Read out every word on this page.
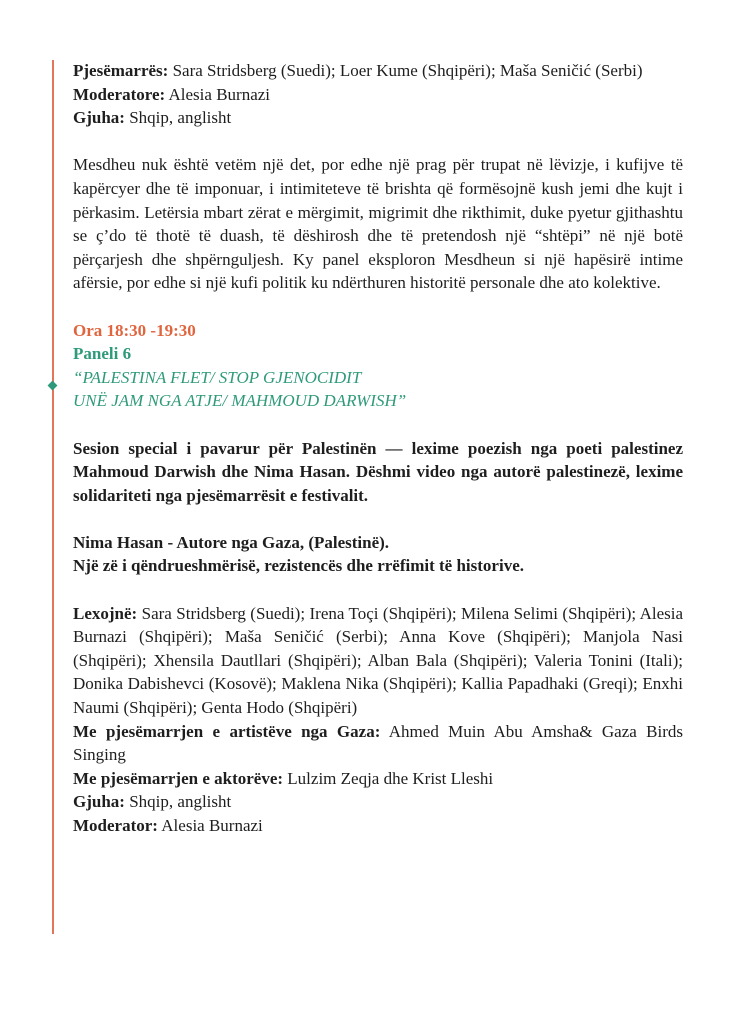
Pjesëmarrës: Sara Stridsberg (Suedi); Loer Kume (Shqipëri); Maša Seničić (Serbi)

Moderatore: Alesia Burnazi

Gjuha: Shqip, anglisht

Mesdheu nuk është vetëm një det, por edhe një prag për trupat në lëvizje, i kufijve të kapërcyer dhe të imponuar, i intimiteteve të brishta që formësojnë kush jemi dhe kujt i përkasim. Letërsia mbart zërat e mërgimit, migrimit dhe rikthimit, duke pyetur gjithashtu se ç’do të thotë të duash, të dëshirosh dhe të pretendosh një “shtëpi” në një botë përçarjesh dhe shpërnguljesh. Ky panel eksploron Mesdheun si një hapësirë intime afërsie, por edhe si një kufi politik ku ndërthuren historitë personale dhe ato kolektive.

Ora 18:30 -19:30

Paneli 6

“PALESTINA FLET/ STOP GJENOCIDIT

UNË JAM NGA ATJE/ MAHMOUD DARWISH”

Sesion special i pavarur për Palestinën — lexime poezish nga poeti palestinez Mahmoud Darwish dhe Nima Hasan. Dëshmi video nga autorë palestinezë, lexime solidariteti nga pjesëmarrësit e festivalit.

Nima Hasan - Autore nga Gaza, (Palestinë).

Një zë i qëndrueshmërisë, rezistencës dhe rrëfimit të historive.

Lexojnë: Sara Stridsberg (Suedi); Irena Toçi (Shqipëri); Milena Selimi (Shqipëri); Alesia Burnazi (Shqipëri); Maša Seničić (Serbi); Anna Kove (Shqipëri); Manjola Nasi (Shqipëri); Xhensila Dautllari (Shqipëri); Alban Bala (Shqipëri); Valeria Tonini (Itali); Donika Dabishevci (Kosovë); Maklena Nika (Shqipëri); Kallia Papadhaki (Greqi); Enxhi Naumi (Shqipëri); Genta Hodo (Shqipëri)

Me pjesëmarrjen e artistëve nga Gaza: Ahmed Muin Abu Amsha& Gaza Birds Singing

Me pjesëmarrjen e aktorëve: Lulzim Zeqja dhe Krist Lleshi

Gjuha: Shqip, anglisht

Moderator: Alesia Burnazi
